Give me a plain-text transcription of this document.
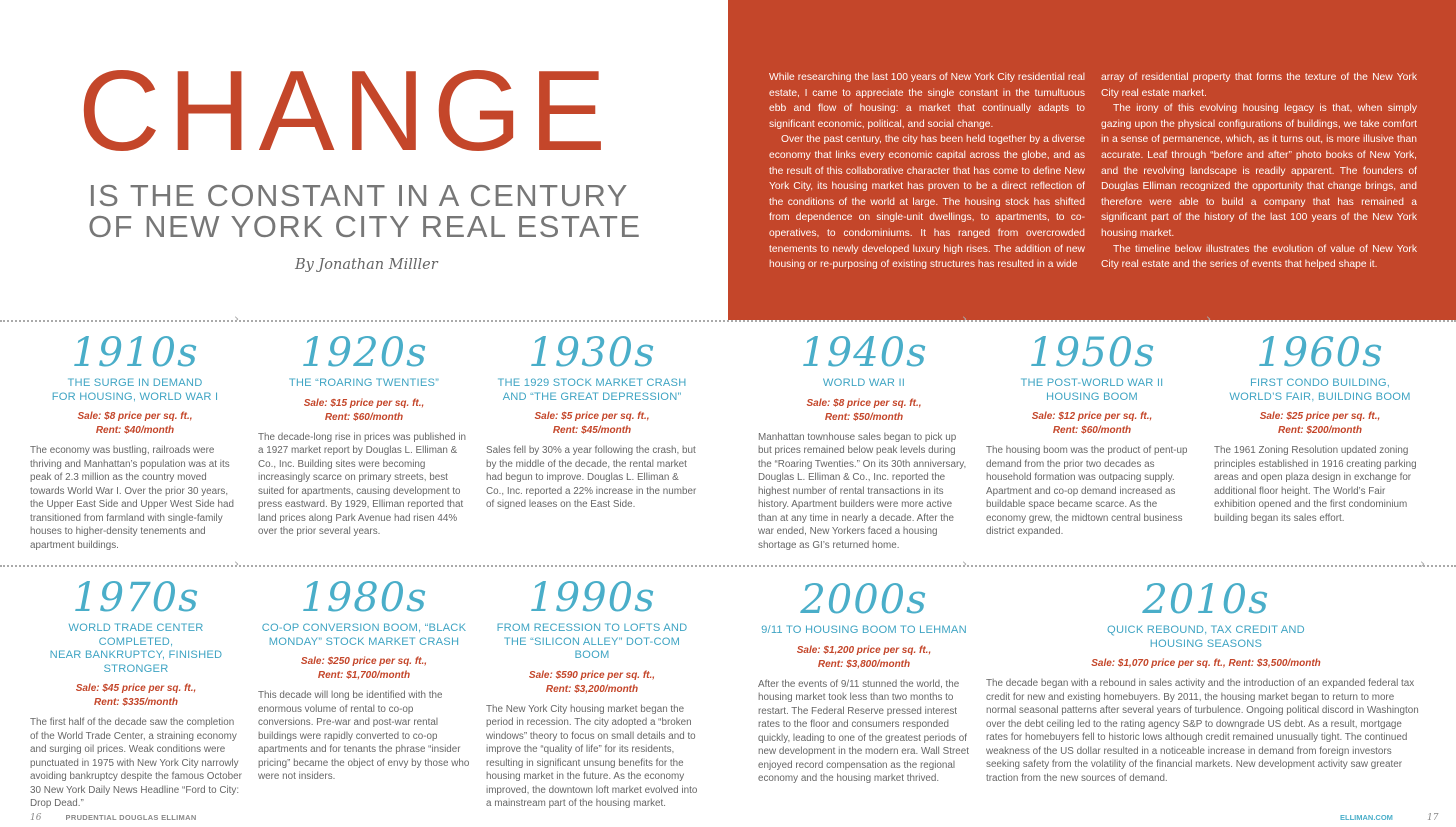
While researching the last 100 years of New York City residential real estate, I came to appreciate the single constant in the tumultuous ebb and flow of housing: a market that continually adapts to significant economic, political, and social change.

Over the past century, the city has been held together by a diverse economy that links every economic capital across the globe, and as the result of this collaborative character that has come to define New York City, its housing market has proven to be a direct reflection of the conditions of the world at large. The housing stock has shifted from dependence on single-unit dwellings, to apartments, to co-operatives, to condominiums. It has ranged from overcrowded tenements to newly developed luxury high rises. The addition of new housing or re-purposing of existing structures has resulted in a wide

array of residential property that forms the texture of the New York City real estate market.

The irony of this evolving housing legacy is that, when simply gazing upon the physical configurations of buildings, we take comfort in a sense of permanence, which, as it turns out, is more illusive than accurate. Leaf through “before and after” photo books of New York, and the revolving landscape is readily apparent. The founders of Douglas Elliman recognized the opportunity that change brings, and therefore were able to build a company that has remained a significant part of the history of the last 100 years of the New York housing market.

The timeline below illustrates the evolution of value of New York City real estate and the series of events that helped shape it.

CHANGE
IS THE CONSTANT IN A CENTURY
OF NEW YORK CITY REAL ESTATE
By Jonathan Milller
›	›	›
›	›	›
1910s
THE SURGE IN DEMAND
FOR HOUSING, WORLD WAR I
Sale: $8 price per sq. ft.,
Rent: $40/month
The economy was bustling, railroads were thriving and Manhattan’s population was at its peak of 2.3 million as the country moved towards World War I. Over the prior 30 years, the Upper East Side and Upper West Side had transitioned from farmland with single-family houses to higher-density tenements and apartment buildings.
1920s
THE “ROARING TWENTIES”
Sale: $15 price per sq. ft.,
Rent: $60/month
The decade-long rise in prices was published in a 1927 market report by Douglas L. Elliman & Co., Inc. Building sites were becoming increasingly scarce on primary streets, best suited for apartments, causing development to press eastward. By 1929, Elliman reported that land prices along Park Avenue had risen 44% over the prior several years.
1930s
THE 1929 STOCK MARKET CRASH
AND “THE GREAT DEPRESSION”
Sale: $5 price per sq. ft.,
Rent: $45/month
Sales fell by 30% a year following the crash, but by the middle of the decade, the rental market had begun to improve. Douglas L. Elliman & Co., Inc. reported a 22% increase in the number of signed leases on the East Side.
1940s
WORLD WAR II
Sale: $8 price per sq. ft.,
Rent: $50/month
Manhattan townhouse sales began to pick up but prices remained below peak levels during the “Roaring Twenties.” On its 30th anniversary, Douglas L. Elliman & Co., Inc. reported the highest number of rental transactions in its history. Apartment builders were more active than at any time in nearly a decade. After the war ended, New Yorkers faced a housing shortage as GI’s returned home.
1950s
THE POST-WORLD WAR II
HOUSING BOOM
Sale: $12 price per sq. ft.,
Rent: $60/month
The housing boom was the product of pent-up demand from the prior two decades as household formation was outpacing supply. Apartment and co-op demand increased as buildable space became scarce. As the economy grew, the midtown central business district expanded.
1960s
FIRST CONDO BUILDING,
WORLD’S FAIR, BUILDING BOOM
Sale: $25 price per sq. ft.,
Rent: $200/month
The 1961 Zoning Resolution updated zoning principles established in 1916 creating parking areas and open plaza design in exchange for additional floor height. The World’s Fair exhibition opened and the first condominium building began its sales effort.
1970s
WORLD TRADE CENTER COMPLETED,
NEAR BANKRUPTCY, FINISHED STRONGER
Sale: $45 price per sq. ft.,
Rent: $335/month
The first half of the decade saw the completion of the World Trade Center, a straining economy and surging oil prices. Weak conditions were punctuated in 1975 with New York City narrowly avoiding bankruptcy despite the famous October 30 New York Daily News Headline “Ford to City: Drop Dead.”
1980s
CO-OP CONVERSION BOOM, “BLACK
MONDAY” STOCK MARKET CRASH
Sale: $250 price per sq. ft.,
Rent: $1,700/month
This decade will long be identified with the enormous volume of rental to co-op conversions. Pre-war and post-war rental buildings were rapidly converted to co-op apartments and for tenants the phrase “insider pricing” became the object of envy by those who were not insiders.
1990s
FROM RECESSION TO LOFTS AND
THE “SILICON ALLEY” DOT-COM BOOM
Sale: $590 price per sq. ft.,
Rent: $3,200/month
The New York City housing market began the period in recession. The city adopted a “broken windows” theory to focus on small details and to improve the “quality of life” for its residents, resulting in significant unsung benefits for the housing market in the future. As the economy improved, the downtown loft market evolved into a mainstream part of the housing market.
2000s
9/11 TO HOUSING BOOM TO LEHMAN
Sale: $1,200 price per sq. ft.,
Rent: $3,800/month
After the events of 9/11 stunned the world, the housing market took less than two months to restart. The Federal Reserve pressed interest rates to the floor and consumers responded quickly, leading to one of the greatest periods of new development in the modern era. Wall Street enjoyed record compensation as the regional economy and the housing market thrived.
2010s
QUICK REBOUND, TAX CREDIT AND
HOUSING SEASONS
Sale: $1,070 price per sq. ft., Rent: $3,500/month
The decade began with a rebound in sales activity and the introduction of an expanded federal tax credit for new and existing homebuyers. By 2011, the housing market began to return to more normal seasonal patterns after several years of turbulence. Ongoing political discord in Washington over the debt ceiling led to the rating agency S&P to downgrade US debt. As a result, mortgage rates for homebuyers fell to historic lows although credit remained unusually tight. The continued weakness of the US dollar resulted in a noticeable increase in demand from foreign investors seeking safety from the volatility of the financial markets. New development activity saw greater traction from the new sources of demand.
16	PRUDENTIAL DOUGLAS ELLIMAN	ELLIMAN.COM	17
